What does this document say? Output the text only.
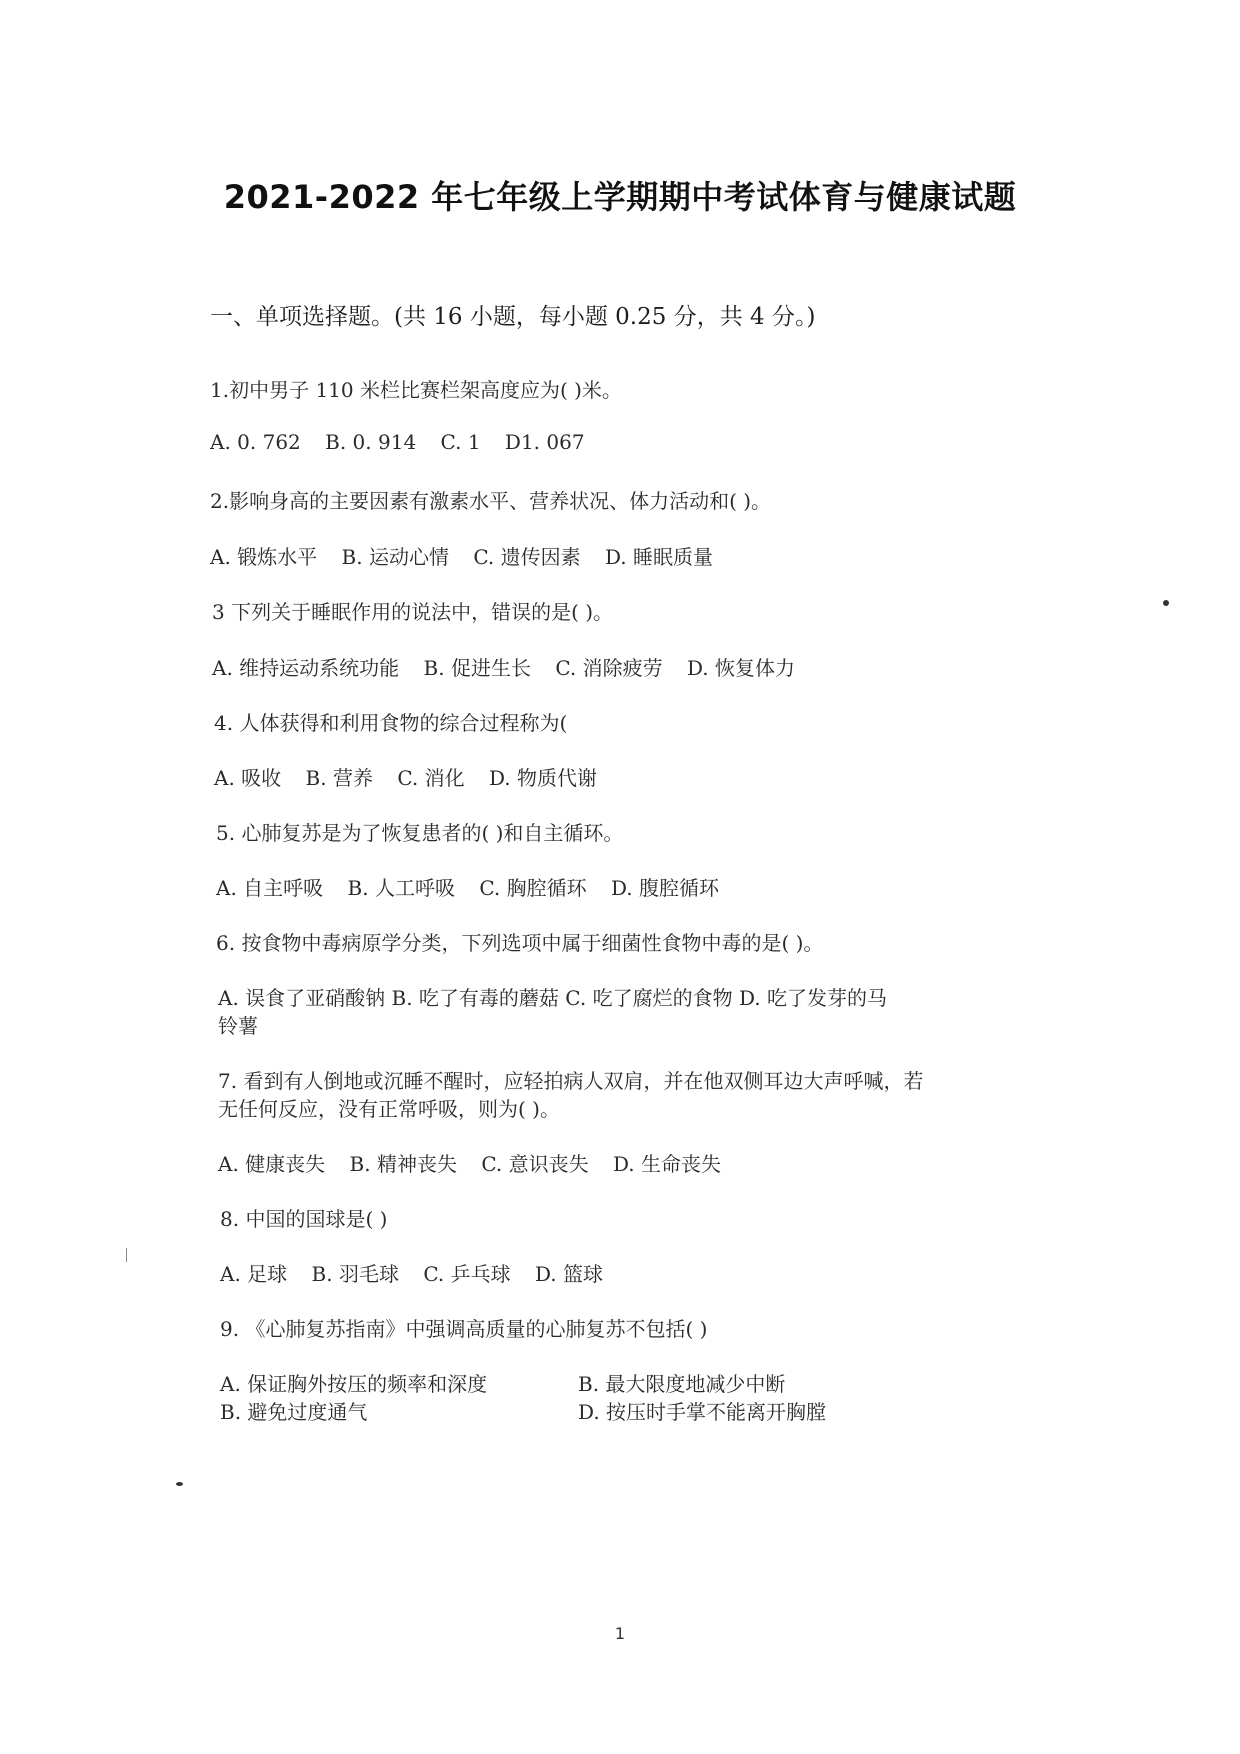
2021-2022 年七年级上学期期中考试体育与健康试题
一、单项选择题。(共 16 小题，每小题 0.25 分，共 4 分。)
1.初中男子 110 米栏比赛栏架高度应为( )米。
A. 0. 762 B. 0. 914 C. 1 D1. 067
2.影响身高的主要因素有激素水平、营养状况、体力活动和( )。
A. 锻炼水平 B. 运动心情 C. 遗传因素 D. 睡眠质量
3 下列关于睡眠作用的说法中，错误的是( )。
A. 维持运动系统功能 B. 促进生长 C. 消除疲劳 D. 恢复体力
4. 人体获得和利用食物的综合过程称为(
A. 吸收 B. 营养 C. 消化 D. 物质代谢
5. 心肺复苏是为了恢复患者的( )和自主循环。
A. 自主呼吸 B. 人工呼吸 C. 胸腔循环 D. 腹腔循环
6. 按食物中毒病原学分类，下列选项中属于细菌性食物中毒的是( )。
A. 误食了亚硝酸钠 B. 吃了有毒的蘑菇 C. 吃了腐烂的食物 D. 吃了发芽的马
铃薯
7. 看到有人倒地或沉睡不醒时，应轻拍病人双肩，并在他双侧耳边大声呼喊，若
无任何反应，没有正常呼吸，则为( )。
A. 健康丧失 B. 精神丧失 C. 意识丧失 D. 生命丧失
8. 中国的国球是( )
A. 足球 B. 羽毛球 C. 乒乓球 D. 篮球
9. 《心肺复苏指南》中强调高质量的心肺复苏不包括( )
A. 保证胸外按压的频率和深度	B. 最大限度地减少中断
B. 避免过度通气	D. 按压时手掌不能离开胸膛
1
